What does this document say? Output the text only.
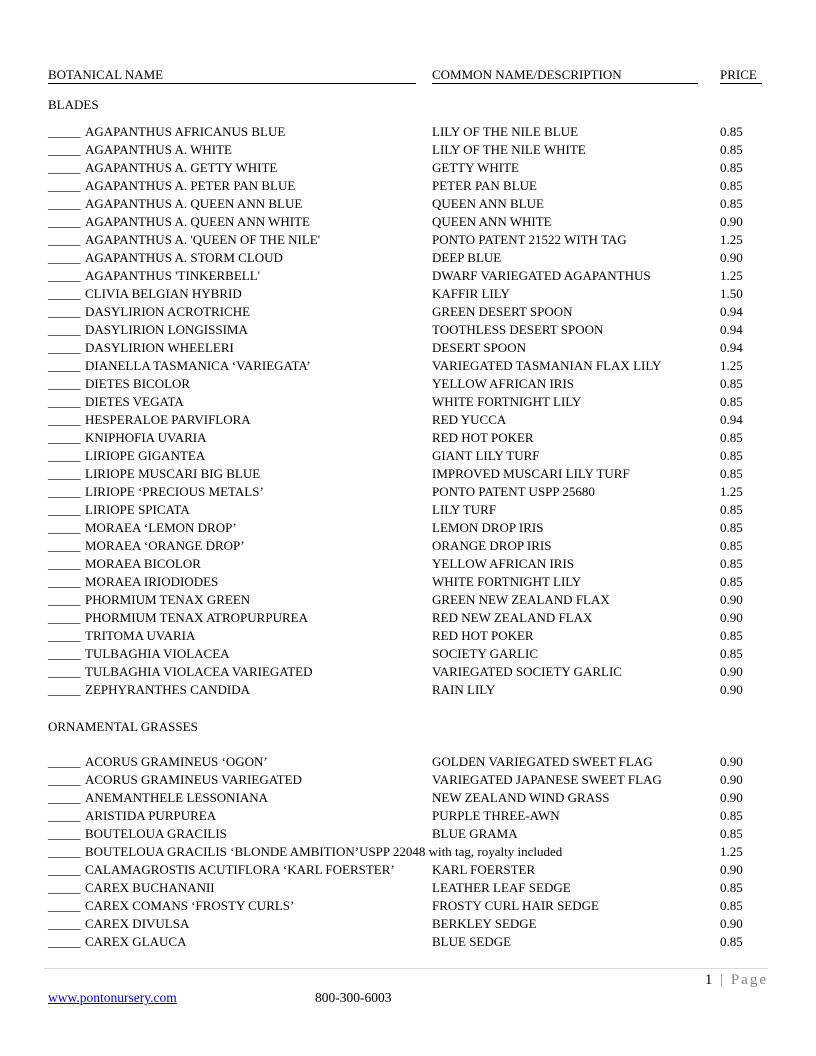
BOTANICAL NAME	COMMON NAME/DESCRIPTION	PRICE
BLADES
_____ AGAPANTHUS AFRICANUS BLUE	LILY OF THE NILE BLUE	0.85
_____ AGAPANTHUS A. WHITE	LILY OF THE NILE WHITE	0.85
_____ AGAPANTHUS A. GETTY WHITE	GETTY WHITE	0.85
_____ AGAPANTHUS A. PETER PAN BLUE	PETER PAN BLUE	0.85
_____ AGAPANTHUS A. QUEEN ANN BLUE	QUEEN ANN BLUE	0.85
_____ AGAPANTHUS A. QUEEN ANN WHITE	QUEEN ANN WHITE	0.90
_____ AGAPANTHUS A. 'QUEEN OF THE NILE'	PONTO PATENT 21522 WITH TAG	1.25
_____ AGAPANTHUS A. STORM CLOUD	DEEP BLUE	0.90
_____ AGAPANTHUS 'TINKERBELL'	DWARF VARIEGATED AGAPANTHUS	1.25
_____ CLIVIA BELGIAN HYBRID	KAFFIR LILY	1.50
_____ DASYLIRION ACROTRICHE	GREEN DESERT SPOON	0.94
_____ DASYLIRION LONGISSIMA	TOOTHLESS DESERT SPOON	0.94
_____ DASYLIRION WHEELERI	DESERT SPOON	0.94
_____ DIANELLA TASMANICA ‘VARIEGATA’	VARIEGATED TASMANIAN FLAX LILY	1.25
_____ DIETES BICOLOR	YELLOW AFRICAN IRIS	0.85
_____ DIETES VEGATA	WHITE FORTNIGHT LILY	0.85
_____ HESPERALOE PARVIFLORA	RED YUCCA	0.94
_____ KNIPHOFIA UVARIA	RED HOT POKER	0.85
_____ LIRIOPE GIGANTEA	GIANT LILY TURF	0.85
_____ LIRIOPE MUSCARI BIG BLUE	IMPROVED MUSCARI LILY TURF	0.85
_____ LIRIOPE ‘PRECIOUS METALS’	PONTO PATENT USPP 25680	1.25
_____ LIRIOPE SPICATA	LILY TURF	0.85
_____ MORAEA ‘LEMON DROP’	LEMON DROP IRIS	0.85
_____ MORAEA ‘ORANGE DROP’	ORANGE DROP IRIS	0.85
_____ MORAEA BICOLOR	YELLOW AFRICAN IRIS	0.85
_____ MORAEA IRIODIODES	WHITE FORTNIGHT LILY	0.85
_____ PHORMIUM TENAX GREEN	GREEN NEW ZEALAND FLAX	0.90
_____ PHORMIUM TENAX ATROPURPUREA	RED NEW ZEALAND FLAX	0.90
_____ TRITOMA UVARIA	RED HOT POKER	0.85
_____ TULBAGHIA VIOLACEA	SOCIETY GARLIC	0.85
_____ TULBAGHIA VIOLACEA VARIEGATED	VARIEGATED SOCIETY GARLIC	0.90
_____ ZEPHYRANTHES CANDIDA	RAIN LILY	0.90
ORNAMENTAL GRASSES
_____ ACORUS GRAMINEUS ‘OGON’	GOLDEN VARIEGATED SWEET FLAG	0.90
_____ ACORUS GRAMINEUS VARIEGATED	VARIEGATED JAPANESE SWEET FLAG	0.90
_____ ANEMANTHELE LESSONIANA	NEW ZEALAND WIND GRASS	0.90
_____ ARISTIDA PURPUREA	PURPLE THREE-AWN	0.85
_____ BOUTELOUA GRACILIS	BLUE GRAMA	0.85
_____ BOUTELOUA GRACILIS ‘BLONDE AMBITION’USPP 22048 with tag, royalty included	1.25
_____ CALAMAGROSTIS ACUTIFLORA ‘KARL FOERSTER’	KARL FOERSTER	0.90
_____ CAREX BUCHANANII	LEATHER LEAF SEDGE	0.85
_____ CAREX COMANS ‘FROSTY CURLS’	FROSTY CURL HAIR SEDGE	0.85
_____ CAREX DIVULSA	BERKLEY SEDGE	0.90
_____ CAREX GLAUCA	BLUE SEDGE	0.85
1 | Page
www.pontonursery.com	800-300-6003
